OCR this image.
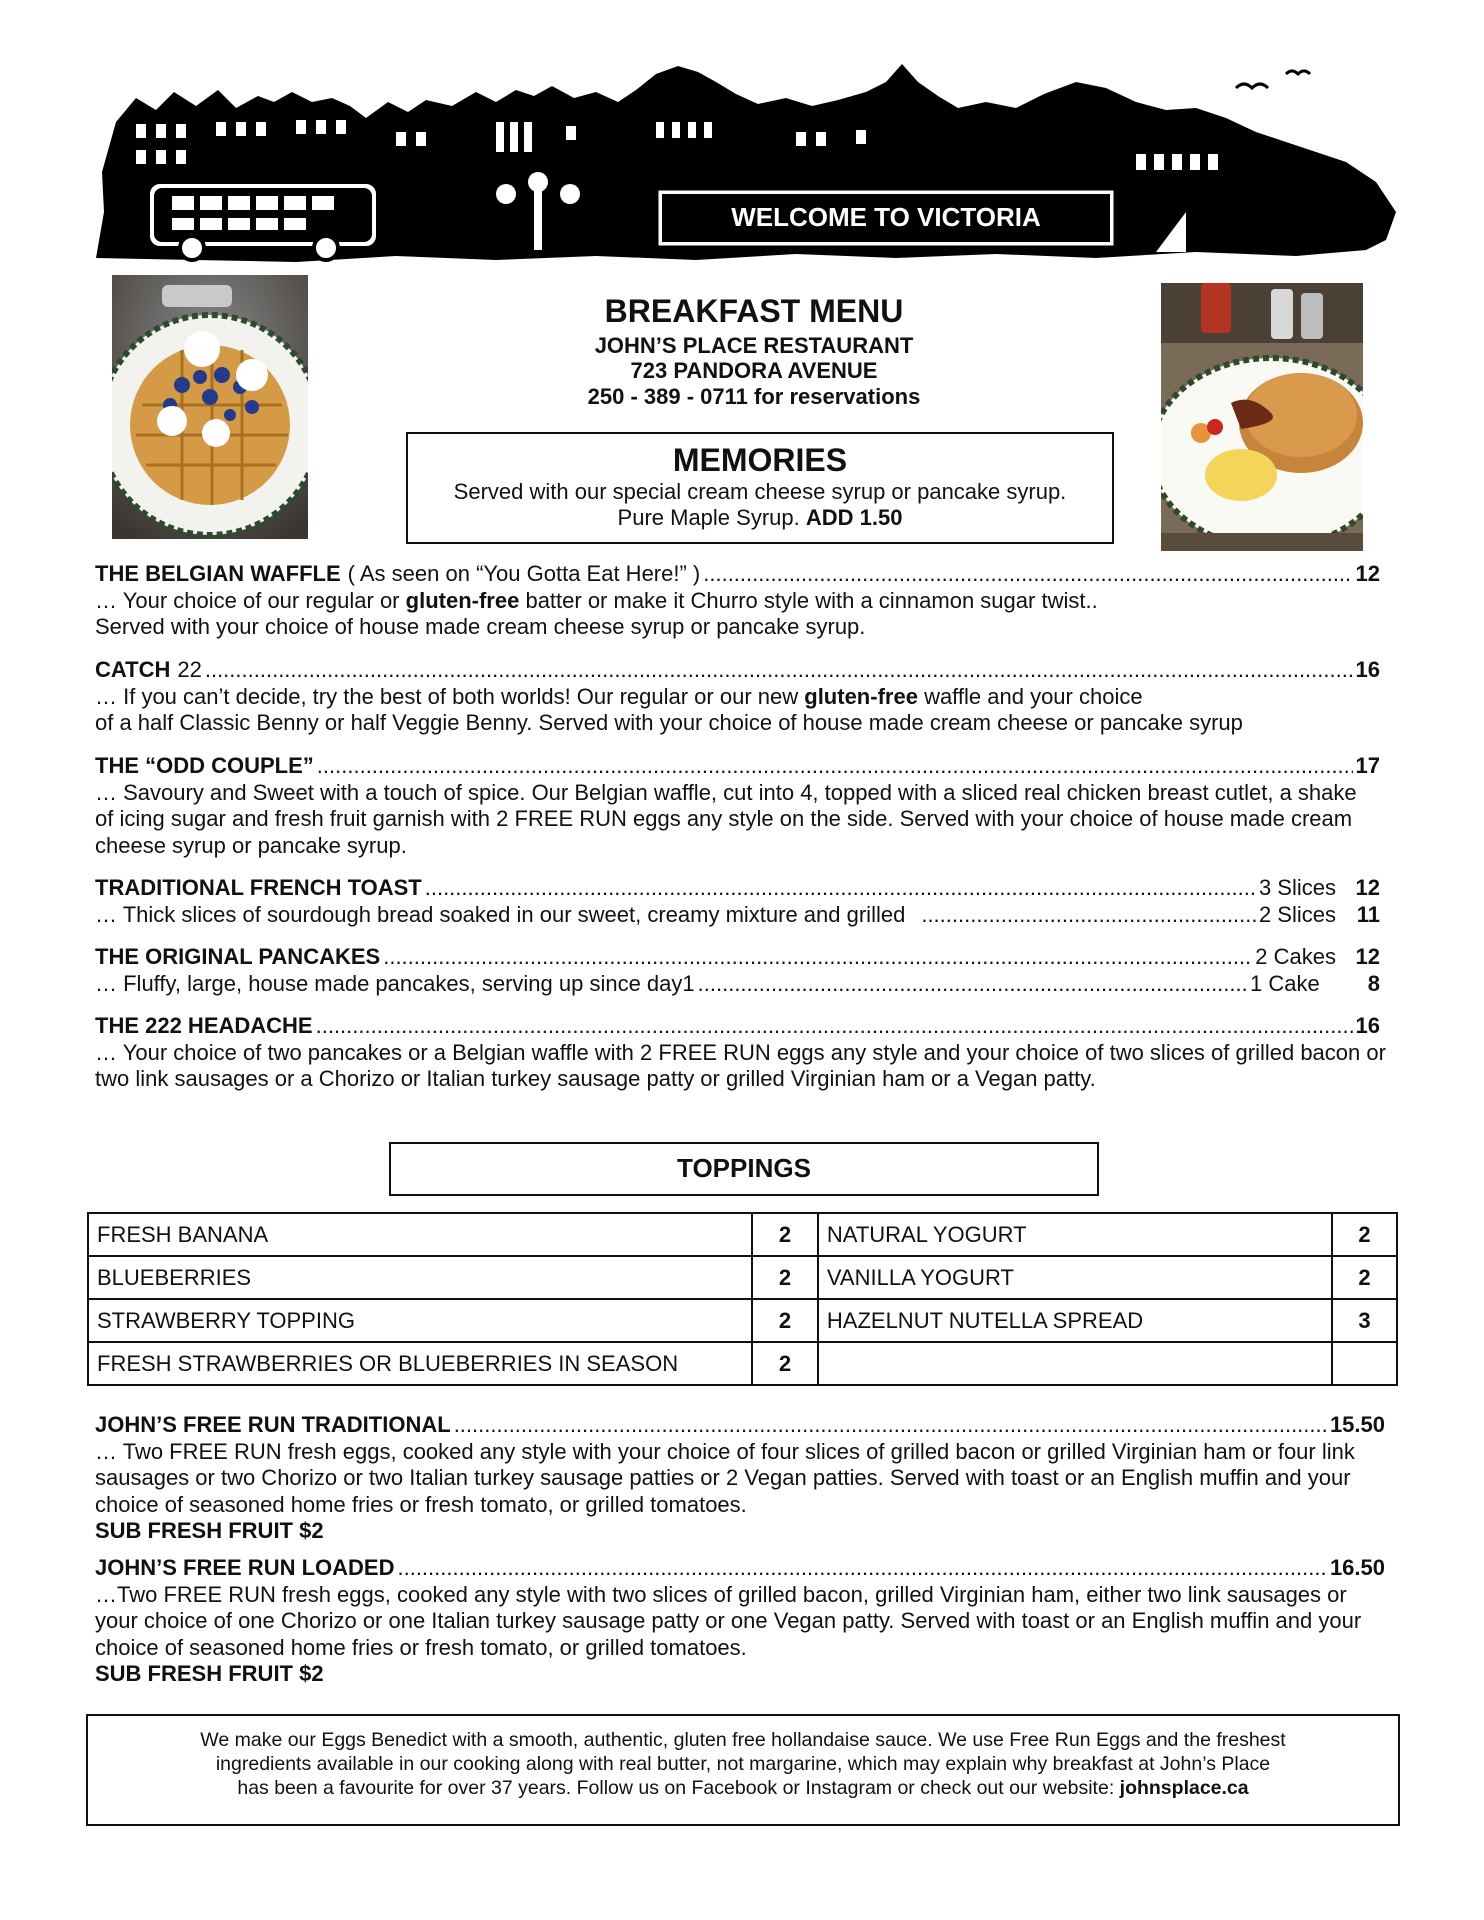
WELCOME TO VICTORIA
BREAKFAST MENU
JOHN’S PLACE RESTAURANT
723 PANDORA AVENUE
250 - 389 - 0711 for reservations
MEMORIES
Served with our special cream cheese syrup or pancake syrup.
Pure Maple Syrup. ADD 1.50
THE BELGIAN WAFFLE ( As seen on “You Gotta Eat Here!” ) .....	12
… Your choice of our regular or gluten-free batter or make it Churro style with a cinnamon sugar twist..
Served with your choice of house made cream cheese syrup or pancake syrup.
CATCH 22 .....	16
… If you can’t decide, try the best of both worlds! Our regular or our new gluten-free waffle and your choice
of a half Classic Benny or half Veggie Benny. Served with your choice of house made cream cheese or pancake syrup
THE “ODD COUPLE” .....	17
… Savoury and Sweet with a touch of spice. Our Belgian waffle, cut into 4, topped with a sliced real chicken breast cutlet, a shake of icing sugar and fresh fruit garnish with 2 FREE RUN eggs any style on the side. Served with your choice of house made cream cheese syrup or pancake syrup.
TRADITIONAL FRENCH TOAST .....	3 Slices 12
… Thick slices of sourdough bread soaked in our sweet, creamy mixture and grilled .....	2 Slices 11
THE ORIGINAL PANCAKES .....	2 Cakes 12
… Fluffy, large, house made pancakes, serving up since day1 .....	1 Cake	8
THE 222 HEADACHE .....	16
… Your choice of two pancakes or a Belgian waffle with 2 FREE RUN eggs any style and your choice of two slices of grilled bacon or two link sausages or a Chorizo or Italian turkey sausage patty or grilled Virginian ham or a Vegan patty.
TOPPINGS
FRESH BANANA	2	NATURAL YOGURT	2
BLUEBERRIES	2	VANILLA YOGURT	2
STRAWBERRY TOPPING	2	HAZELNUT NUTELLA SPREAD	3
FRESH STRAWBERRIES OR BLUEBERRIES IN SEASON	2		
JOHN’S FREE RUN TRADITIONAL .....	15.50
… Two FREE RUN fresh eggs, cooked any style with your choice of four slices of grilled bacon or grilled Virginian ham or four link sausages or two Chorizo or two Italian turkey sausage patties or 2 Vegan patties. Served with toast or an English muffin and your choice of seasoned home fries or fresh tomato, or grilled tomatoes.
SUB FRESH FRUIT $2
JOHN’S FREE RUN LOADED .....	16.50
…Two FREE RUN fresh eggs, cooked any style with two slices of grilled bacon, grilled Virginian ham, either two link sausages or your choice of one Chorizo or one Italian turkey sausage patty or one Vegan patty. Served with toast or an English muffin and your choice of seasoned home fries or fresh tomato, or grilled tomatoes.
SUB FRESH FRUIT $2
We make our Eggs Benedict with a smooth, authentic, gluten free hollandaise sauce. We use Free Run Eggs and the freshest
ingredients available in our cooking along with real butter, not margarine, which may explain why breakfast at John’s Place
has been a favourite for over 37 years. Follow us on Facebook or Instagram or check out our website: johnsplace.ca
